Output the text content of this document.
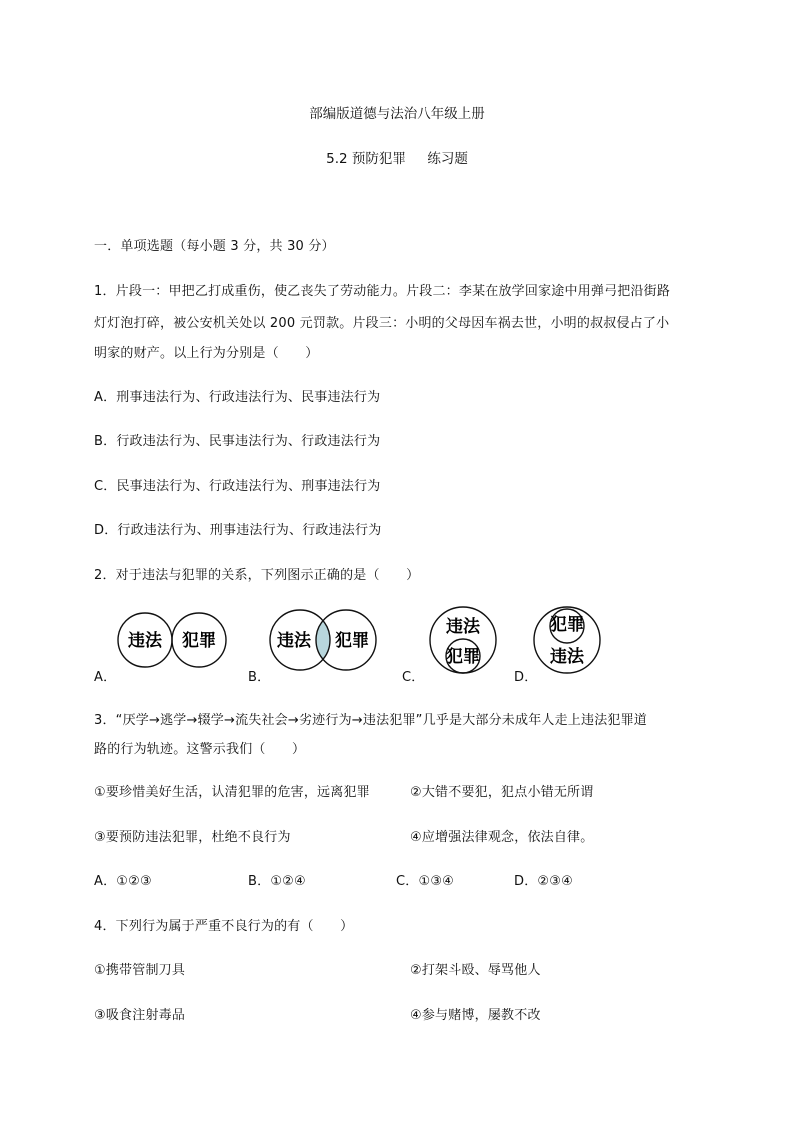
部编版道德与法治八年级上册
5.2 预防犯罪     练习题
一．单项选题（每小题 3 分，共 30 分）
1．片段一：甲把乙打成重伤，使乙丧失了劳动能力。片段二：李某在放学回家途中用弹弓把沿街路
灯灯泡打碎，被公安机关处以 200 元罚款。片段三：小明的父母因车祸去世，小明的叔叔侵占了小
明家的财产。以上行为分别是（　　）
A．刑事违法行为、行政违法行为、民事违法行为
B．行政违法行为、民事违法行为、行政违法行为
C．民事违法行为、行政违法行为、刑事违法行为
D．行政违法行为、刑事违法行为、行政违法行为
2．对于违法与犯罪的关系，下列图示正确的是（　　）
A．	B．	C．	D．
违法 犯罪	违法 犯罪
违法
犯罪
犯罪
违法
3．“厌学→逃学→辍学→流失社会→劣迹行为→违法犯罪”几乎是大部分未成年人走上违法犯罪道
路的行为轨迹。这警示我们（　　）
①要珍惜美好生活，认清犯罪的危害，远离犯罪	②大错不要犯，犯点小错无所谓
③要预防违法犯罪，杜绝不良行为	④应增强法律观念，依法自律。
A．①②③	B．①②④	C．①③④	D．②③④
4．下列行为属于严重不良行为的有（　　）
①携带管制刀具	②打架斗殴、辱骂他人
③吸食注射毒品	④参与赌博，屡教不改
